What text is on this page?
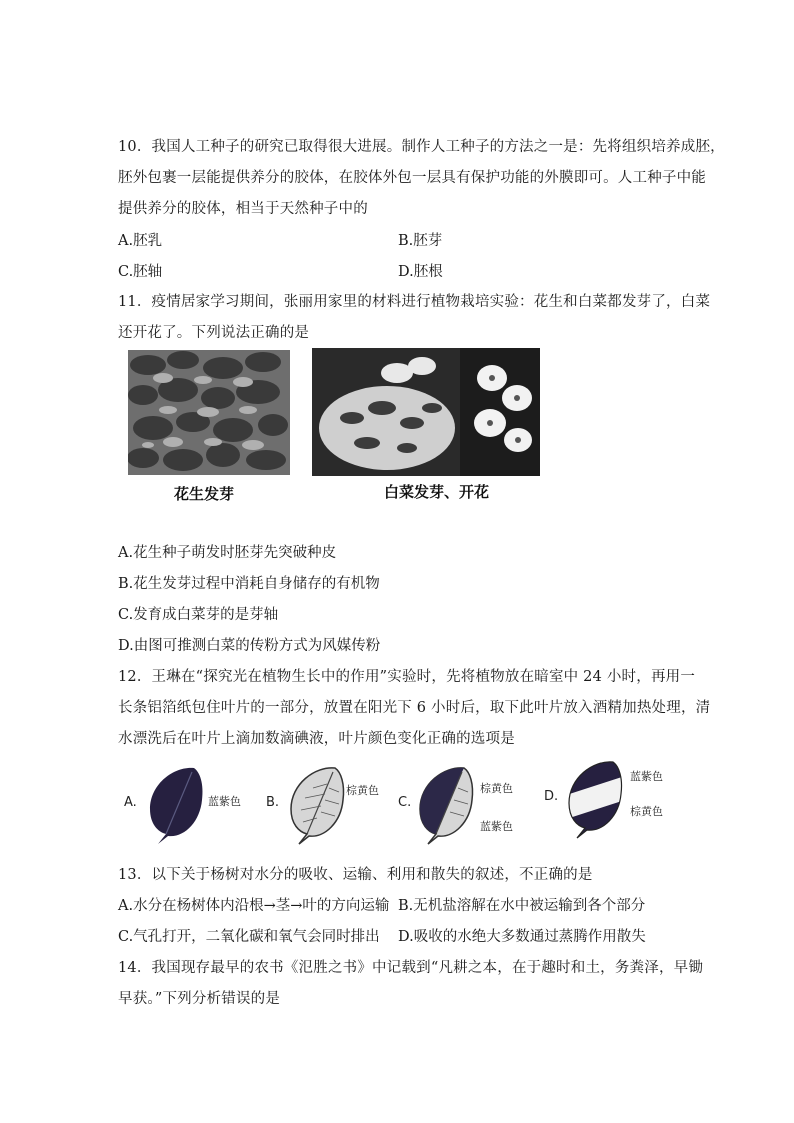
10．我国人工种子的研究已取得很大进展。制作人工种子的方法之一是：先将组织培养成胚，
胚外包裹一层能提供养分的胶体，在胶体外包一层具有保护功能的外膜即可。人工种子中能
提供养分的胶体，相当于天然种子中的
A.胚乳	B.胚芽
C.胚轴	D.胚根
11．疫情居家学习期间，张丽用家里的材料进行植物栽培实验：花生和白菜都发芽了，白菜
还开花了。下列说法正确的是
花生发芽	白菜发芽、开花
A.花生种子萌发时胚芽先突破种皮
B.花生发芽过程中消耗自身储存的有机物
C.发育成白菜芽的是芽轴
D.由图可推测白菜的传粉方式为风媒传粉
12．王琳在“探究光在植物生长中的作用”实验时，先将植物放在暗室中 24 小时，再用一
长条铝箔纸包住叶片的一部分，放置在阳光下 6 小时后，取下此叶片放入酒精加热处理，清
水漂洗后在叶片上滴加数滴碘液，叶片颜色变化正确的选项是
A.	蓝紫色 B.
棕黄色
C.
棕黄色
蓝紫色
D.
蓝紫色
棕黄色
13．以下关于杨树对水分的吸收、运输、利用和散失的叙述，不正确的是
A.水分在杨树体内沿根→茎→叶的方向运输 B.无机盐溶解在水中被运输到各个部分
C.气孔打开，二氧化碳和氧气会同时排出 D.吸收的水绝大多数通过蒸腾作用散失
14．我国现存最早的农书《氾胜之书》中记载到“凡耕之本，在于趣时和土，务粪泽，早锄
早获。”下列分析错误的是
